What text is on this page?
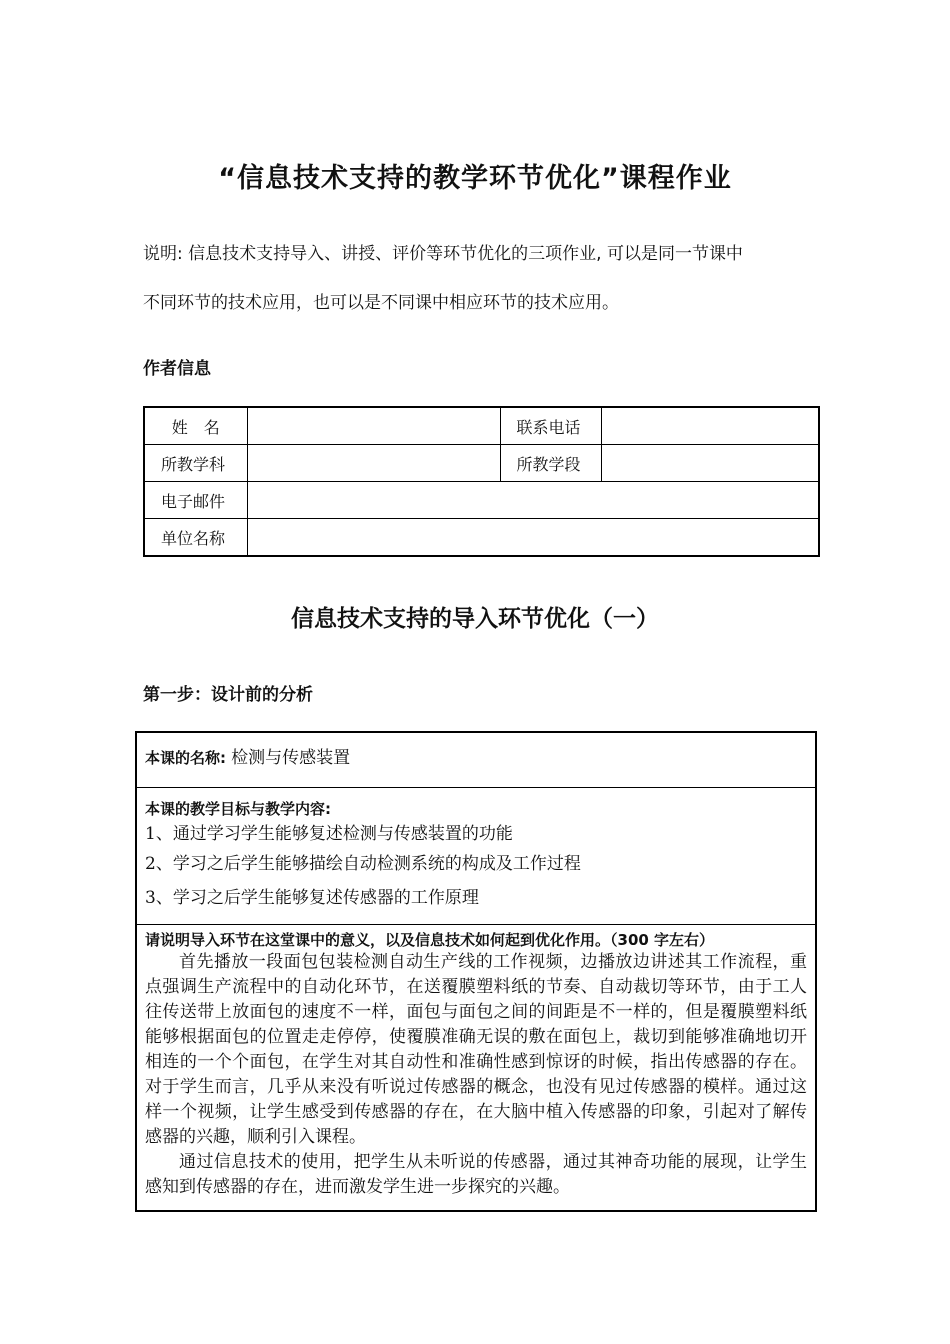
“信息技术支持的教学环节优化”课程作业
说明: 信息技术支持导入、讲授、评价等环节优化的三项作业, 可以是同一节课中
不同环节的技术应用，也可以是不同课中相应环节的技术应用。
作者信息
姓　名		联系电话	
所教学科		所教学段	
电子邮件			
单位名称			
信息技术支持的导入环节优化（一）
第一步：设计前的分析
本课的名称: 检测与传感装置
本课的教学目标与教学内容:
1、通过学习学生能够复述检测与传感装置的功能
2、学习之后学生能够描绘自动检测系统的构成及工作过程
3、学习之后学生能够复述传感器的工作原理
请说明导入环节在这堂课中的意义，以及信息技术如何起到优化作用。（300 字左右）

首先播放一段面包包装检测自动生产线的工作视频，边播放边讲述其工作流程，重点强调生产流程中的自动化环节，在送覆膜塑料纸的节奏、自动裁切等环节，由于工人往传送带上放面包的速度不一样，面包与面包之间的间距是不一样的，但是覆膜塑料纸能够根据面包的位置走走停停，使覆膜准确无误的敷在面包上，裁切到能够准确地切开相连的一个个面包，在学生对其自动性和准确性感到惊讶的时候，指出传感器的存在。对于学生而言，几乎从来没有听说过传感器的概念，也没有见过传感器的模样。通过这样一个视频，让学生感受到传感器的存在，在大脑中植入传感器的印象，引起对了解传感器的兴趣，顺利引入课程。

通过信息技术的使用，把学生从未听说的传感器，通过其神奇功能的展现，让学生感知到传感器的存在，进而激发学生进一步探究的兴趣。
